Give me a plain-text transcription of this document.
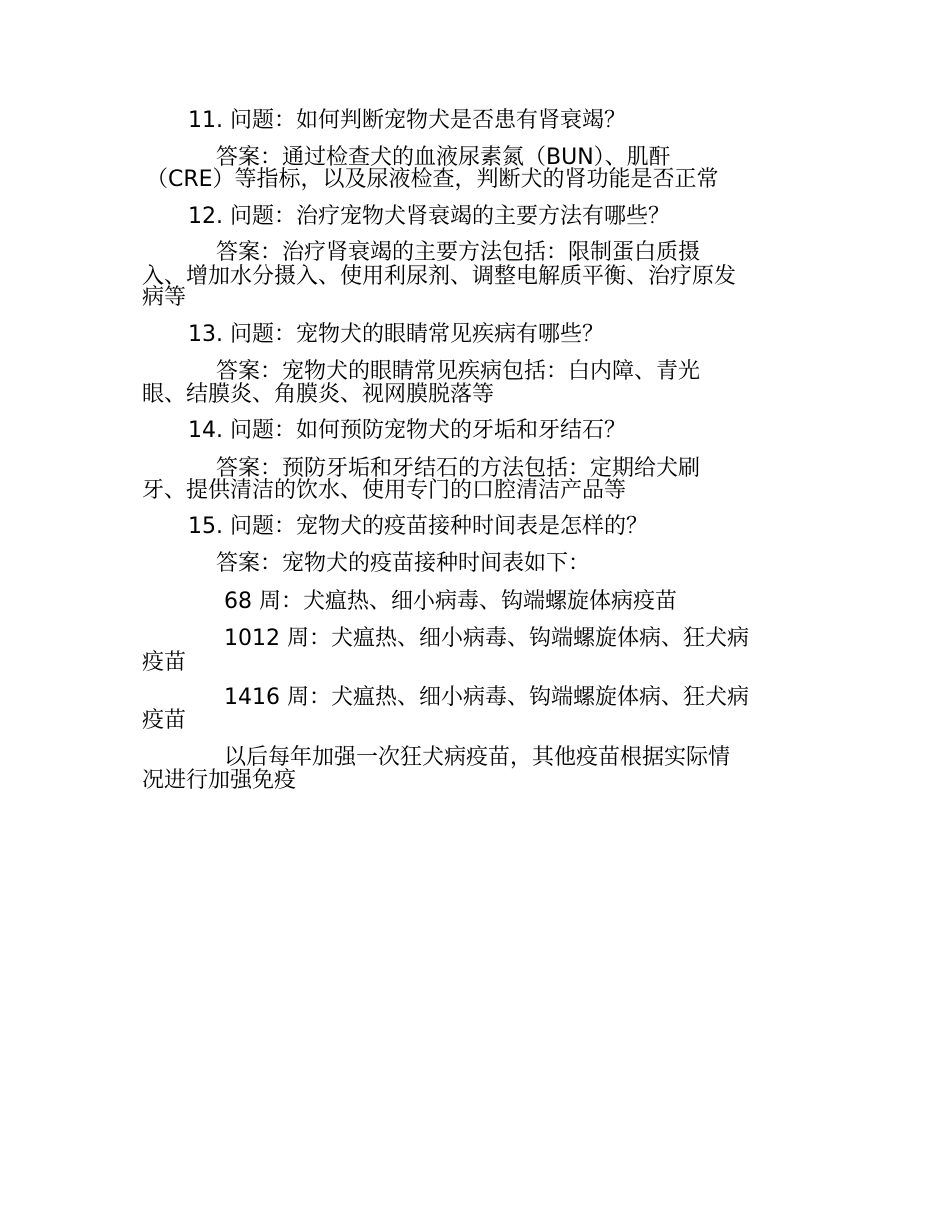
11. 问题：如何判断宠物犬是否患有肾衰竭？
答案：通过检查犬的血液尿素氮（BUN）、肌酐
（CRE）等指标，以及尿液检查，判断犬的肾功能是否正常
12. 问题：治疗宠物犬肾衰竭的主要方法有哪些？
答案：治疗肾衰竭的主要方法包括：限制蛋白质摄
入、增加水分摄入、使用利尿剂、调整电解质平衡、治疗原发
病等
13. 问题：宠物犬的眼睛常见疾病有哪些？
答案：宠物犬的眼睛常见疾病包括：白内障、青光
眼、结膜炎、角膜炎、视网膜脱落等
14. 问题：如何预防宠物犬的牙垢和牙结石？
答案：预防牙垢和牙结石的方法包括：定期给犬刷
牙、提供清洁的饮水、使用专门的口腔清洁产品等
15. 问题：宠物犬的疫苗接种时间表是怎样的？
答案：宠物犬的疫苗接种时间表如下：
68 周：犬瘟热、细小病毒、钩端螺旋体病疫苗
1012 周：犬瘟热、细小病毒、钩端螺旋体病、狂犬病
疫苗
1416 周：犬瘟热、细小病毒、钩端螺旋体病、狂犬病
疫苗
以后每年加强一次狂犬病疫苗，其他疫苗根据实际情
况进行加强免疫
